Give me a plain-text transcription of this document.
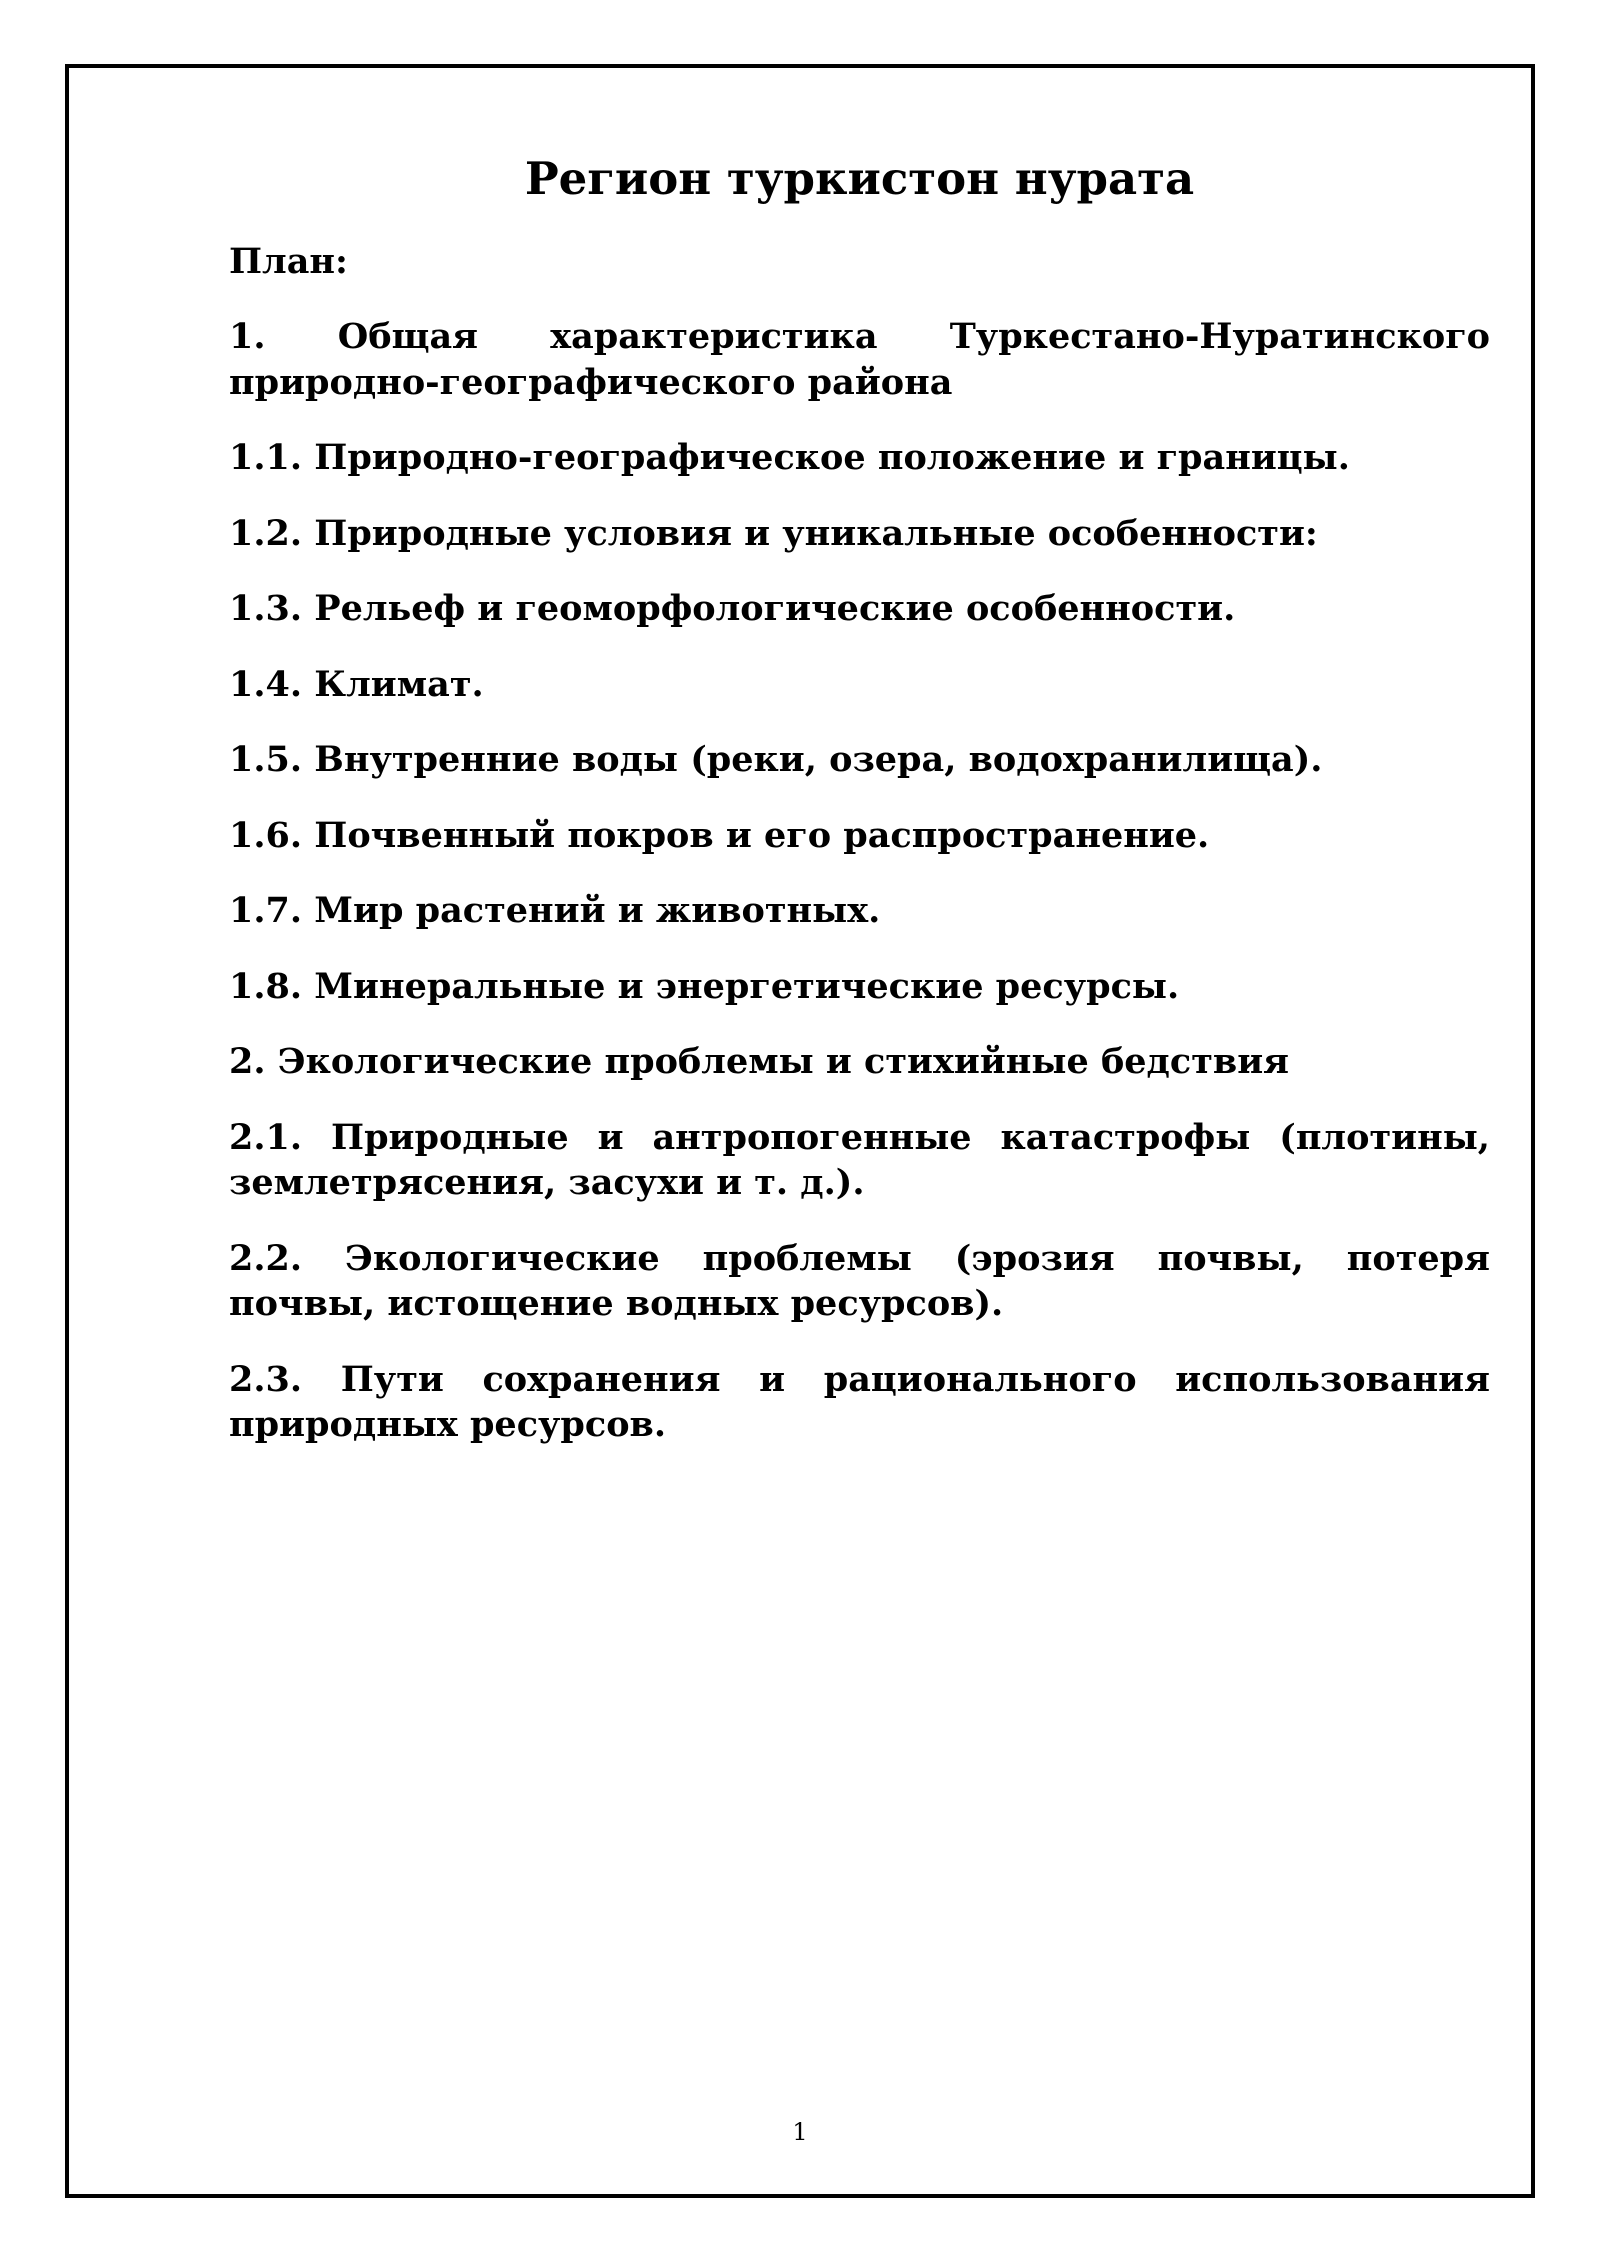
Регион туркистон нурата

План:

1. Общая характеристика Туркестано-Нуратинского природно-географического района
1.1. Природно-географическое положение и границы.
1.2. Природные условия и уникальные особенности:
1.3. Рельеф и геоморфологические особенности.
1.4. Климат.
1.5. Внутренние воды (реки, озера, водохранилища).
1.6. Почвенный покров и его распространение.
1.7. Мир растений и животных.
1.8. Минеральные и энергетические ресурсы.
2. Экологические проблемы и стихийные бедствия
2.1. Природные и антропогенные катастрофы (плотины, землетрясения, засухи и т. д.).
2.2. Экологические проблемы (эрозия почвы, потеря почвы, истощение водных ресурсов).
2.3. Пути сохранения и рационального использования природных ресурсов.
1
